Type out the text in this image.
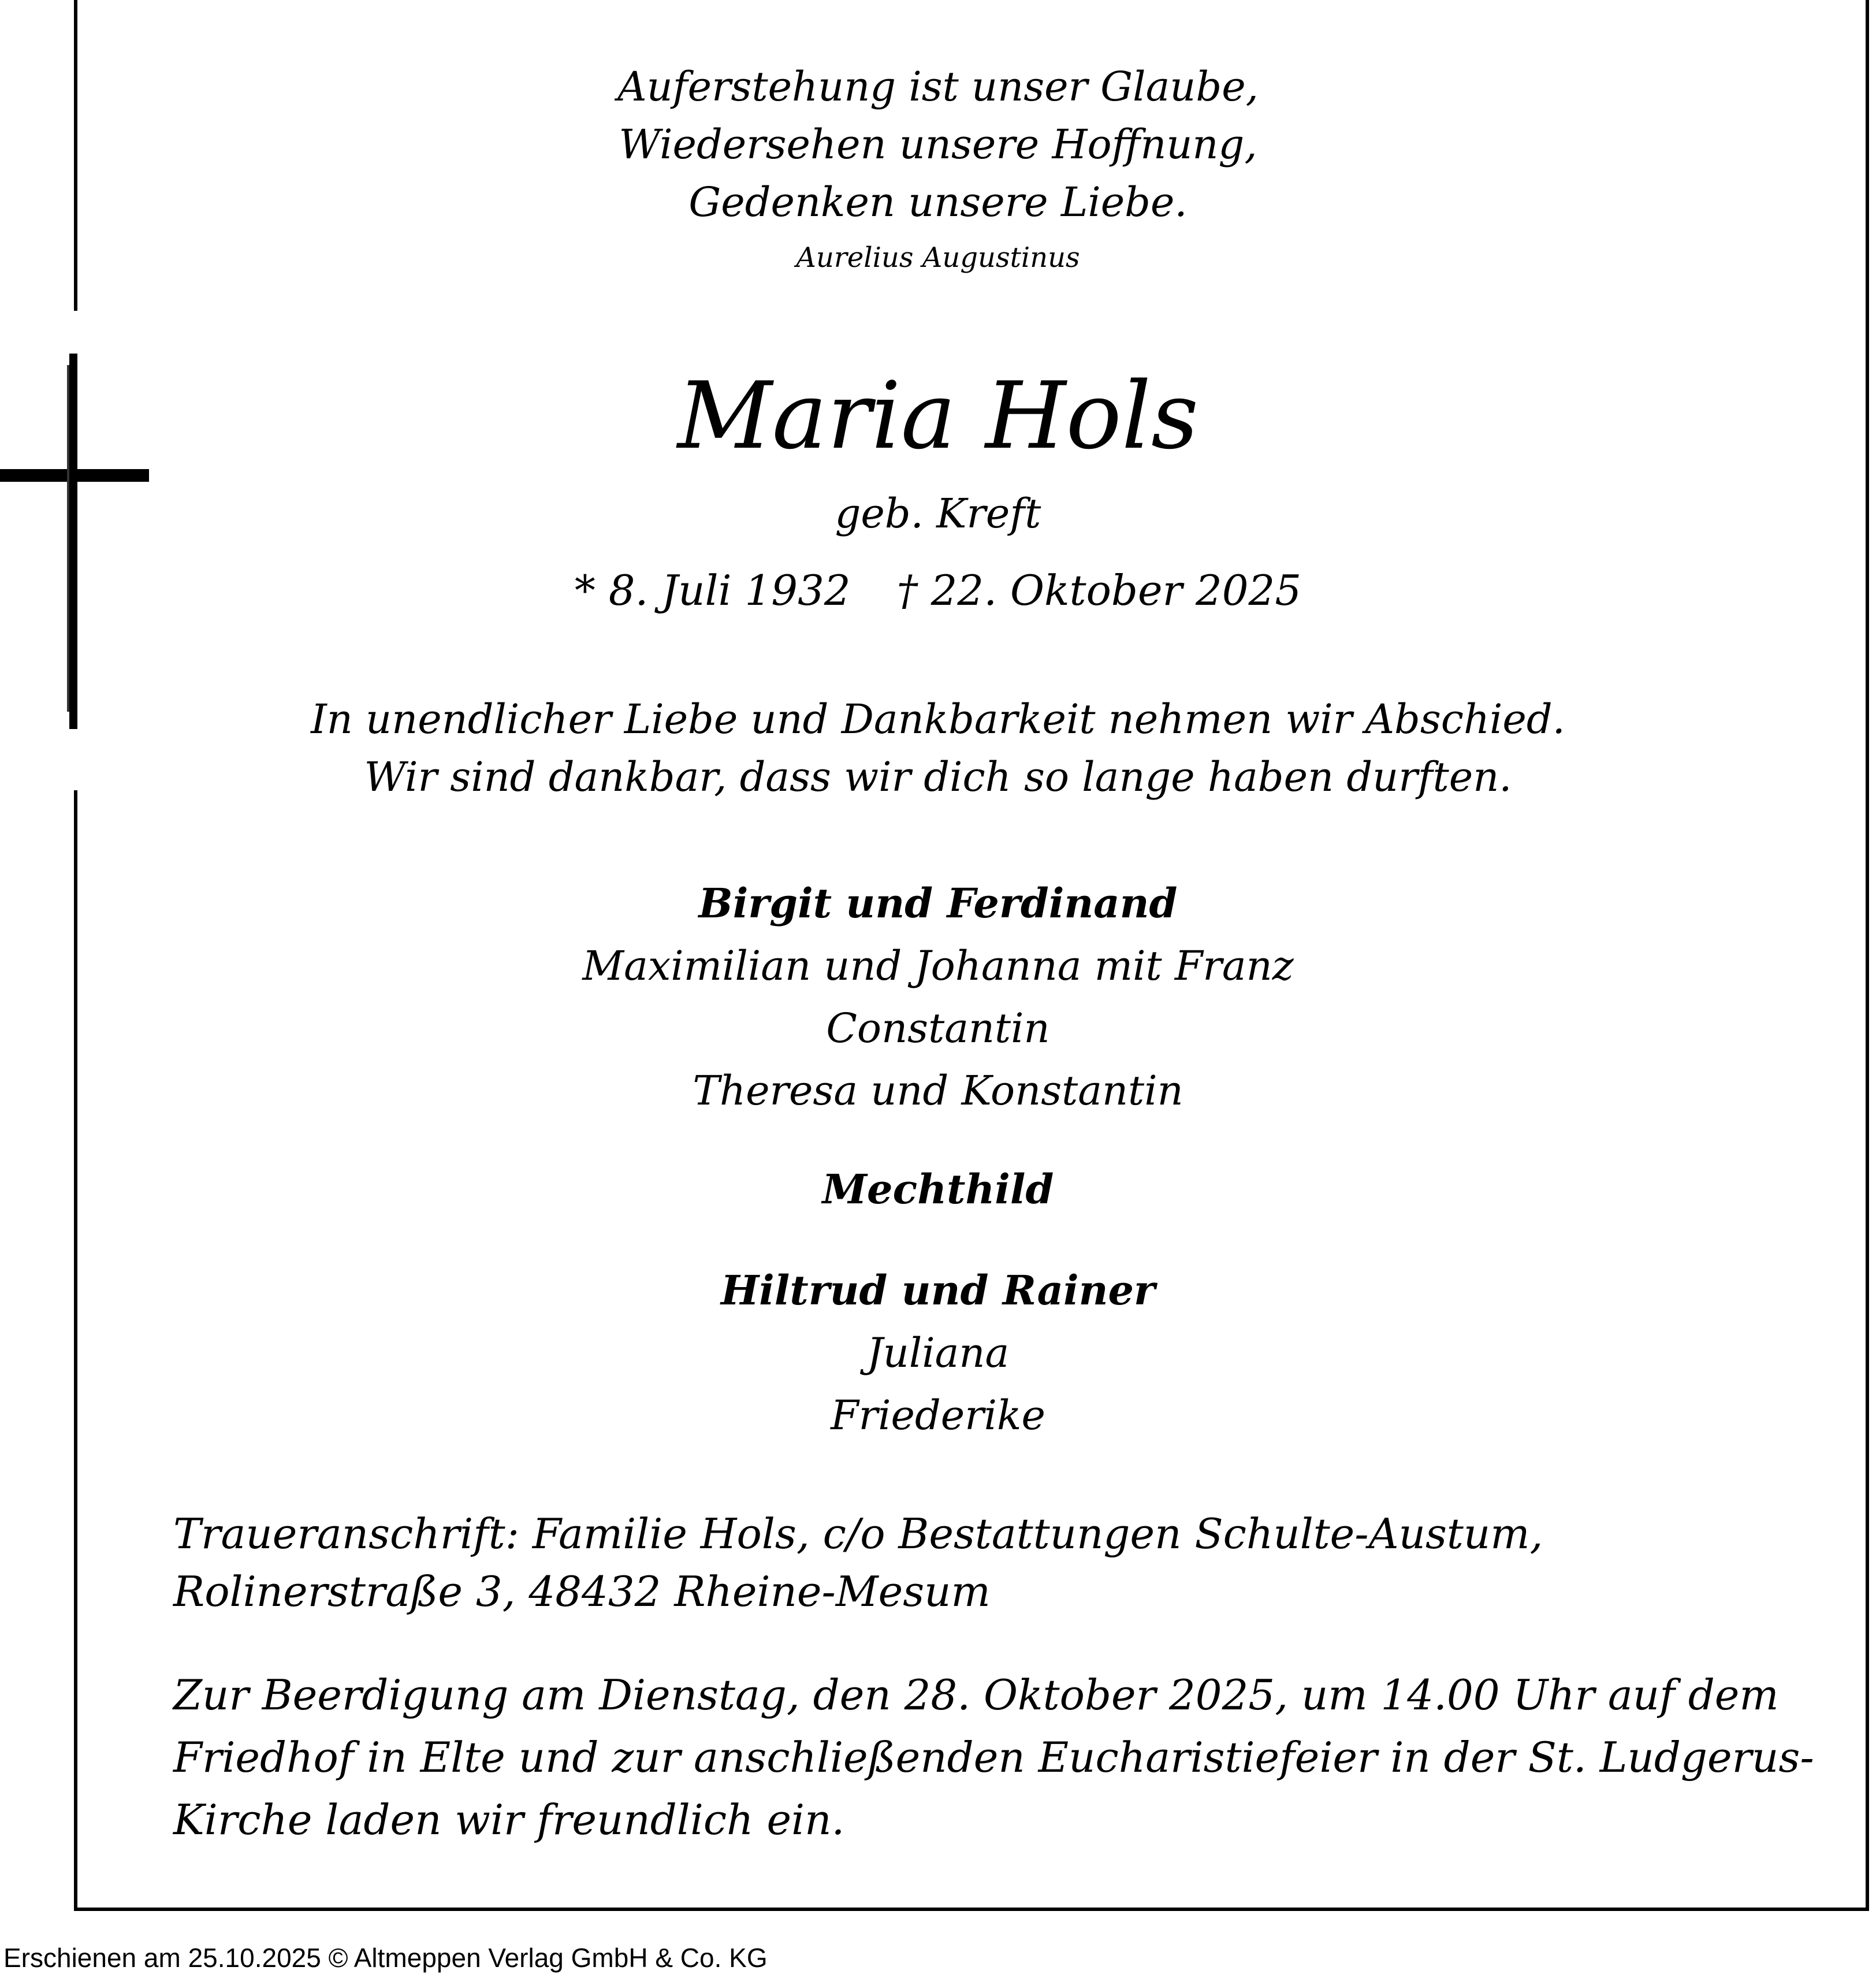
Auferstehung ist unser Glaube,
Wiedersehen unsere Hoffnung,
Gedenken unsere Liebe.
Aurelius Augustinus
Maria Hols
geb. Kreft
* 8. Juli 1932 † 22. Oktober 2025
In unendlicher Liebe und Dankbarkeit nehmen wir Abschied.
Wir sind dankbar, dass wir dich so lange haben durften.
Birgit und Ferdinand
Maximilian und Johanna mit Franz
Constantin
Theresa und Konstantin
Mechthild
Hiltrud und Rainer
Juliana
Friederike
Traueranschrift: Familie Hols, c/o Bestattungen Schulte-Austum,
Rolinerstraße 3, 48432 Rheine-Mesum
Zur Beerdigung am Dienstag, den 28. Oktober 2025, um 14.00 Uhr auf dem
Friedhof in Elte und zur anschließenden Eucharistiefeier in der St. Ludgerus-
Kirche laden wir freundlich ein.
Erschienen am 25.10.2025 © Altmeppen Verlag GmbH & Co. KG
